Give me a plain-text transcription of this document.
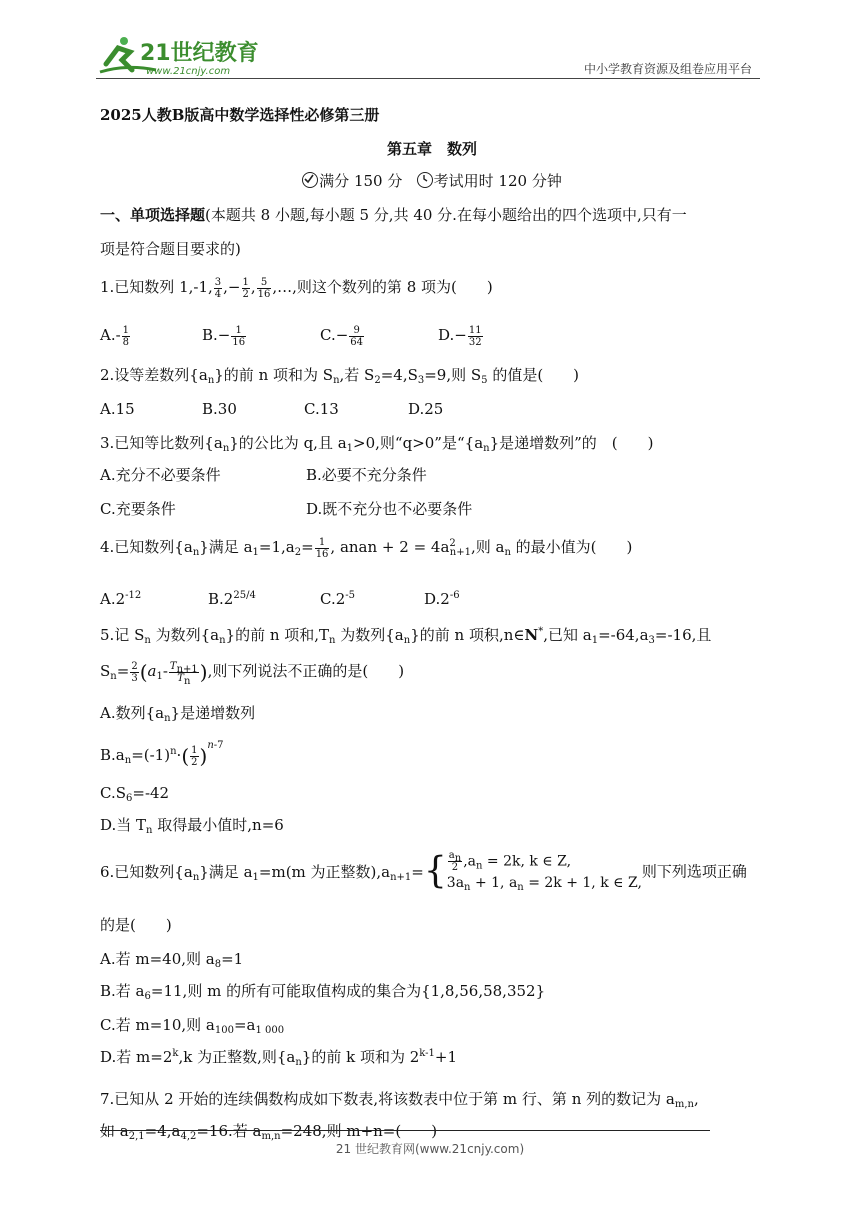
21世纪教育
www.21cnjy.com	中小学教育资源及组卷应用平台
2025人教B版高中数学选择性必修第三册
第五章　数列
满分 150 分 考试用时 120 分钟
一、单项选择题(本题共 8 小题,每小题 5 分,共 40 分.在每小题给出的四个选项中,只有一
项是符合题目要求的)
1.已知数列 1,-1, $\frac{3}{4}$ ,− $\frac{1}{2}$ , $\frac{5}{16}$ ,…,则这个数列的第 8 项为(　　)
$A.- \frac{1}{8}$	$B.- \frac{1}{16}$	$C.- \frac{9}{64}$	$D.- \frac{11}{32}$
2.设等差数列$\{a_n\}$的前 n 项和为 $S_n$,若 $S_2=4,S_3=9$,则 $S_5$ 的值是(　　)
A.15	B.30	C.13	D.25
3.已知等比数列$\{a_n\}$的公比为 q,且 $a_1>0$,则“q>0”是“$\{a_n\}$是递增数列”的　(　　)
A.充分不必要条件	B.必要不充分条件
C.充要条件	D.既不充分也不必要条件
4.已知数列$\{a_n\}$满足 $a_1=1,a_2= \frac{1}{16}$ , anan + $2 = 4a^2_{n+1}$,则 $a_n$ 的最小值为(　　)
$A.2^{-12}$	$B.2^{25/4}$	$C.2^{-5}$	$D.2^{-6}$
5.记 $S_n$ 为数列$\{a_n\}$的前 n 项和$,T_n$ 为数列$\{a_n\}$的前 n 项积,n∈N*,已知 $a_1=-64,a_3=-16$,且
$S_n= \frac{2}{3} (a_1- \frac{T_{n+1}}{T_n}$ ),则下列说法不正确的是(　　)
A.数列$\{a_n\}$是递增数列
$B.a_n=(-1)^n\cdot( \frac{1}{2} )^{n-7}$
$C.S_6=-42$
D.当 $T_n$ 取得最小值时,n=6
6.已知数列$\{a_n\}$满足 $a_1=m(m$ 为正整数)$,a_{n+1}=\{ \frac{a_n}{2} ,a_n = 2k$, k ∈ Z,
$3a_n + 1$, $a_n = 2k + 1$, k ∈ Z,
则下列选项正确
的是(　　)
A.若 m=40,则 $a_8=1$
B.若 $a_6=11$,则 m 的所有可能取值构成的集合为{1,8,56,58,352}
C.若 m=10,则 $a_{100}=a_{1 000}$
D.若 $m=2^k,k$ 为正整数,则$\{a_n\}$的前 k 项和为 $2^{k-1}+1$
7.已知从 2 开始的连续偶数构成如下数表,将该数表中位于第 m 行、第 n 列的数记为 $a_{m,n}$,
如 $a_{2,1}=4,a_{4,2}=16$.若 $a_{m,n}=248$,则 m+n=(　　)
21 世纪教育网(www.21cnjy.com)
